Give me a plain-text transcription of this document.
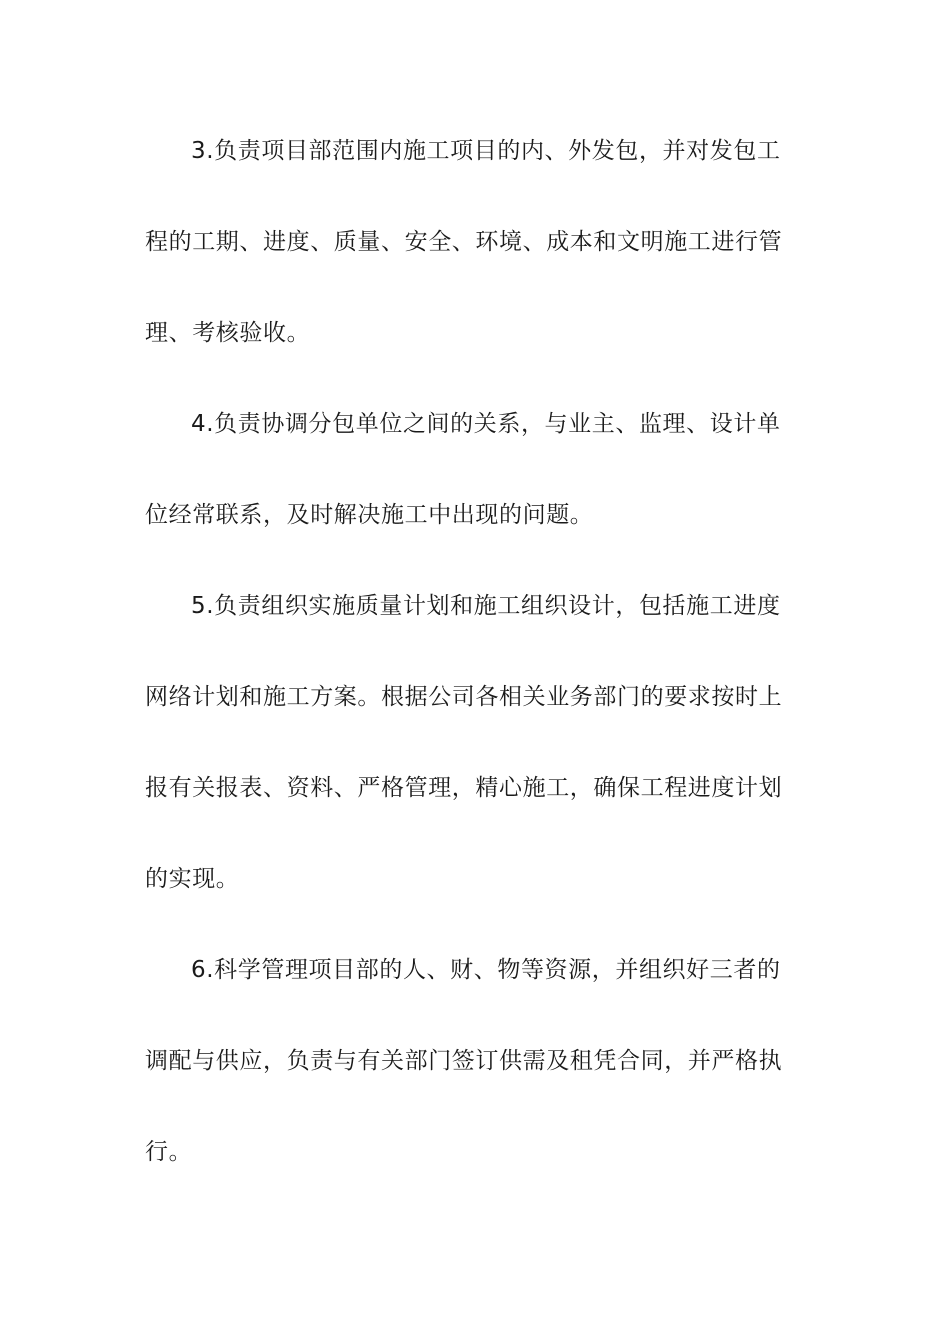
3.负责项目部范围内施工项目的内、外发包，并对发包工
程的工期、进度、质量、安全、环境、成本和文明施工进行管
理、考核验收。
4.负责协调分包单位之间的关系，与业主、监理、设计单
位经常联系，及时解决施工中出现的问题。
5.负责组织实施质量计划和施工组织设计，包括施工进度
网络计划和施工方案。根据公司各相关业务部门的要求按时上
报有关报表、资料、严格管理，精心施工，确保工程进度计划
的实现。
6.科学管理项目部的人、财、物等资源，并组织好三者的
调配与供应，负责与有关部门签订供需及租凭合同，并严格执
行。
